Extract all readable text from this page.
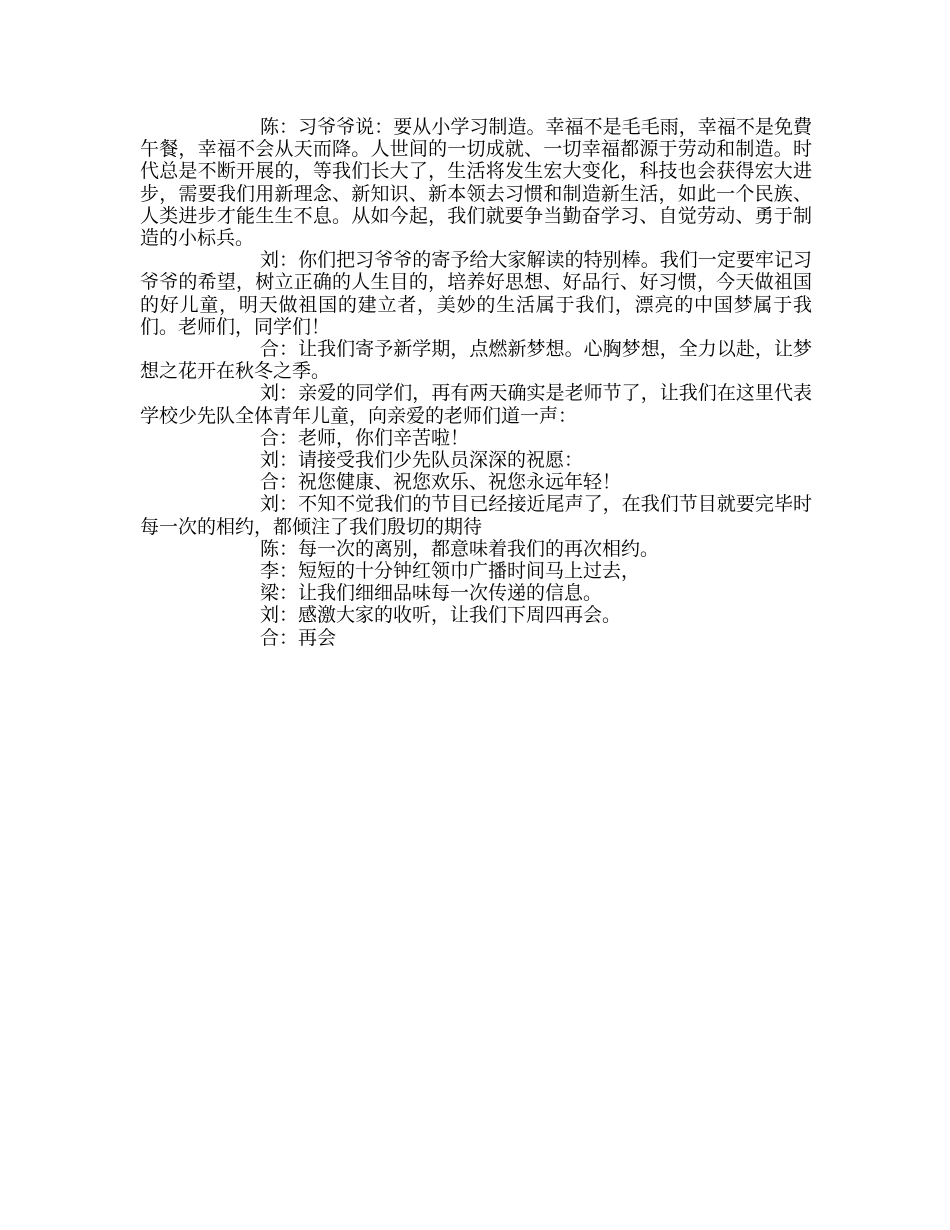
陈：习爷爷说：要从小学习制造。幸福不是毛毛雨，幸福不是免費午餐，幸福不会从天而降。人世间的一切成就、一切幸福都源于劳动和制造。时代总是不断开展的，等我们长大了，生活将发生宏大变化，科技也会获得宏大进步，需要我们用新理念、新知识、新本领去习惯和制造新生活，如此一个民族、人类进步才能生生不息。从如今起，我们就要争当勤奋学习、自觉劳动、勇于制造的小标兵。

刘：你们把习爷爷的寄予给大家解读的特别棒。我们一定要牢记习爷爷的希望，树立正确的人生目的，培养好思想、好品行、好习惯，今天做祖国的好儿童，明天做祖国的建立者，美妙的生活属于我们，漂亮的中国梦属于我们。老师们，同学们！

合：让我们寄予新学期，点燃新梦想。心胸梦想，全力以赴，让梦想之花开在秋冬之季。

刘：亲爱的同学们，再有两天确实是老师节了，让我们在这里代表学校少先队全体青年儿童，向亲爱的老师们道一声：

合：老师，你们辛苦啦！

刘：请接受我们少先队员深深的祝愿：

合：祝您健康、祝您欢乐、祝您永远年轻！

刘：不知不觉我们的节目已经接近尾声了，在我们节目就要完毕时每一次的相约，都倾注了我们殷切的期待

陈：每一次的离别，都意味着我们的再次相约。

李：短短的十分钟红领巾广播时间马上过去，

梁：让我们细细品味每一次传递的信息。

刘：感激大家的收听，让我们下周四再会。

合：再会
